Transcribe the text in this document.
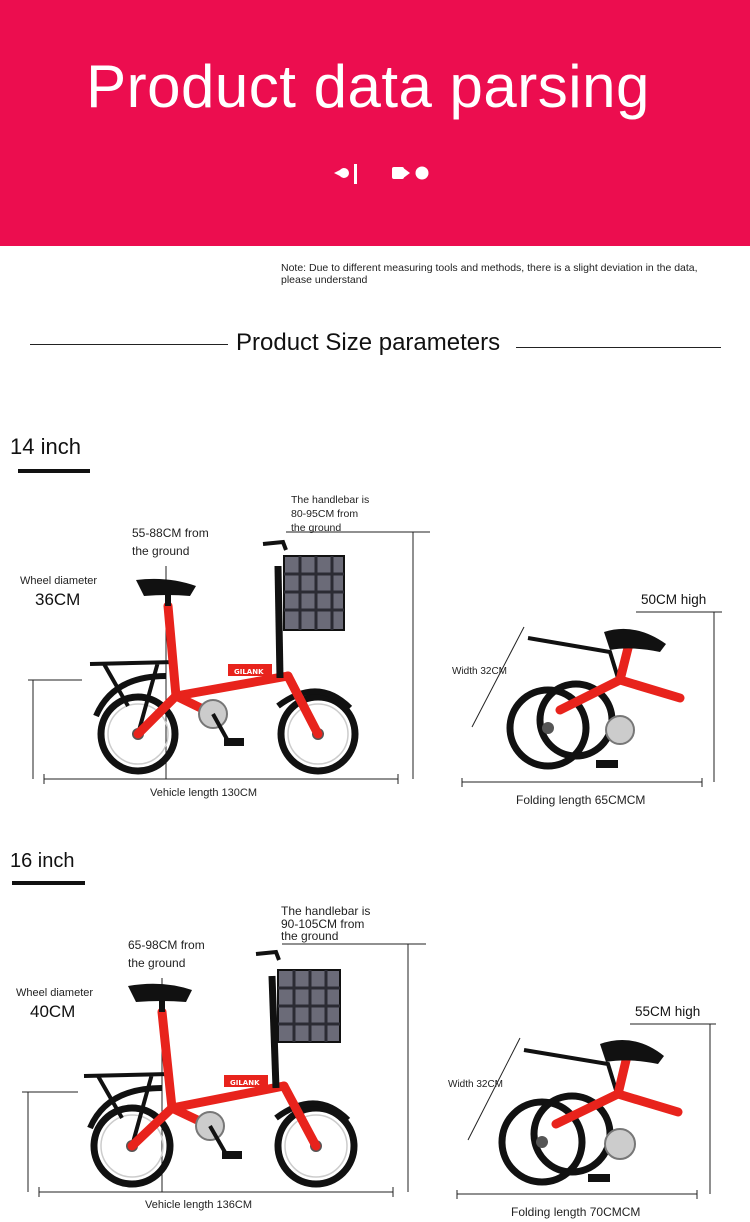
Product data parsing
Note: Due to different measuring tools and methods, there is a slight deviation in the data, please understand
Product Size parameters
14 inch
55-88CM from the ground
The handlebar is 80-95CM from the ground
Wheel diameter
36CM
Vehicle length 130CM
50CM high
Width 32CM
Folding length 65CMCM
GILANK
16 inch
65-98CM from the ground
The handlebar is 90-105CM from the ground
Wheel diameter
40CM
Vehicle length 136CM
55CM high
Width 32CM
Folding length 70CMCM
GILANK
